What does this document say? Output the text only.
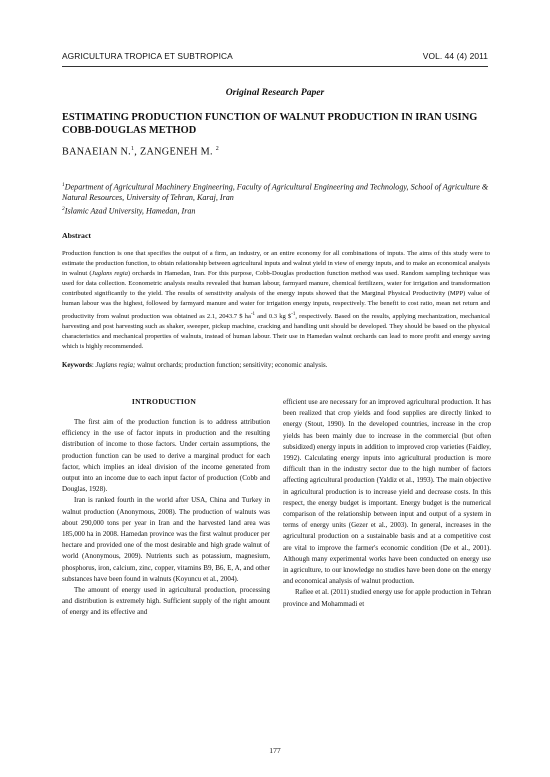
AGRICULTURA TROPICA ET SUBTROPICA	VOL. 44 (4) 2011
Original Research Paper
ESTIMATING PRODUCTION FUNCTION OF WALNUT PRODUCTION IN IRAN USING COBB-DOUGLAS METHOD
BANAEIAN N.$^1$, ZANGENEH M. $^2$
$^1$Department of Agricultural Machinery Engineering, Faculty of Agricultural Engineering and Technology, School of Agriculture & Natural Resources, University of Tehran, Karaj, Iran
$^2$Islamic Azad University, Hamedan, Iran
Abstract
Production function is one that specifies the output of a firm, an industry, or an entire economy for all combinations of inputs. The aims of this study were to estimate the production function, to obtain relationship between agricultural inputs and walnut yield in view of energy inputs, and to make an economical analysis in walnut (Juglans regia) orchards in Hamedan, Iran. For this purpose, Cobb-Douglas production function method was used. Random sampling technique was used for data collection. Econometric analysis results revealed that human labour, farmyard manure, chemical fertilizers, water for irrigation and transformation contributed significantly to the yield. The results of sensitivity analysis of the energy inputs showed that the Marginal Physical Productivity (MPP) value of human labour was the highest, followed by farmyard manure and water for irrigation energy inputs, respectively. The benefit to cost ratio, mean net return and productivity from walnut production was obtained as 2.1, 2043.7 $ $ha^{-1}$ and 0.3 kg \$$^{-1}$, respectively. Based on the results, applying mechanization, mechanical harvesting and post harvesting such as shaker, sweeper, pickup machine, cracking and handling unit should be developed. They should be based on the physical characteristics and mechanical properties of walnuts, instead of human labour. Their use in Hamedan walnut orchards can lead to more profit and energy saving which is highly recommended.
Keywords: Juglans regia; walnut orchards; production function; sensitivity; economic analysis.
INTRODUCTION

The first aim of the production function is to address attribution efficiency in the use of factor inputs in production and the resulting distribution of income to those factors. Under certain assumptions, the production function can be used to derive a marginal product for each factor, which implies an ideal division of the income generated from output into an income due to each input factor of production (Cobb and Douglas, 1928).

Iran is ranked fourth in the world after USA, China and Turkey in walnut production (Anonymous, 2008). The production of walnuts was about 290,000 tons per year in Iran and the harvested land area was 185,000 ha in 2008. Hamedan province was the first walnut producer per hectare and provided one of the most desirable and high grade walnut of world (Anonymous, 2009). Nutrients such as potassium, magnesium, phosphorus, iron, calcium, zinc, copper, vitamins B9, B6, E, A, and other substances have been found in walnuts (Koyuncu et al., 2004).

The amount of energy used in agricultural production, processing and distribution is extremely high. Sufficient supply of the right amount of energy and its effective and

efficient use are necessary for an improved agricultural production. It has been realized that crop yields and food supplies are directly linked to energy (Stout, 1990). In the developed countries, increase in the crop yields has been mainly due to increase in the commercial (but often subsidized) energy inputs in addition to improved crop varieties (Faidley, 1992). Calculating energy inputs into agricultural production is more difficult than in the industry sector due to the high number of factors affecting agricultural production (Yaldiz et al., 1993). The main objective in agricultural production is to increase yield and decrease costs. In this respect, the energy budget is important. Energy budget is the numerical comparison of the relationship between input and output of a system in terms of energy units (Gezer et al., 2003). In general, increases in the agricultural production on a sustainable basis and at a competitive cost are vital to improve the farmer's economic condition (De et al., 2001). Although many experimental works have been conducted on energy use in agriculture, to our knowledge no studies have been done on the energy and economical analysis of walnut production.

Rafiee et al. (2011) studied energy use for apple production in Tehran province and Mohammadi et

177
